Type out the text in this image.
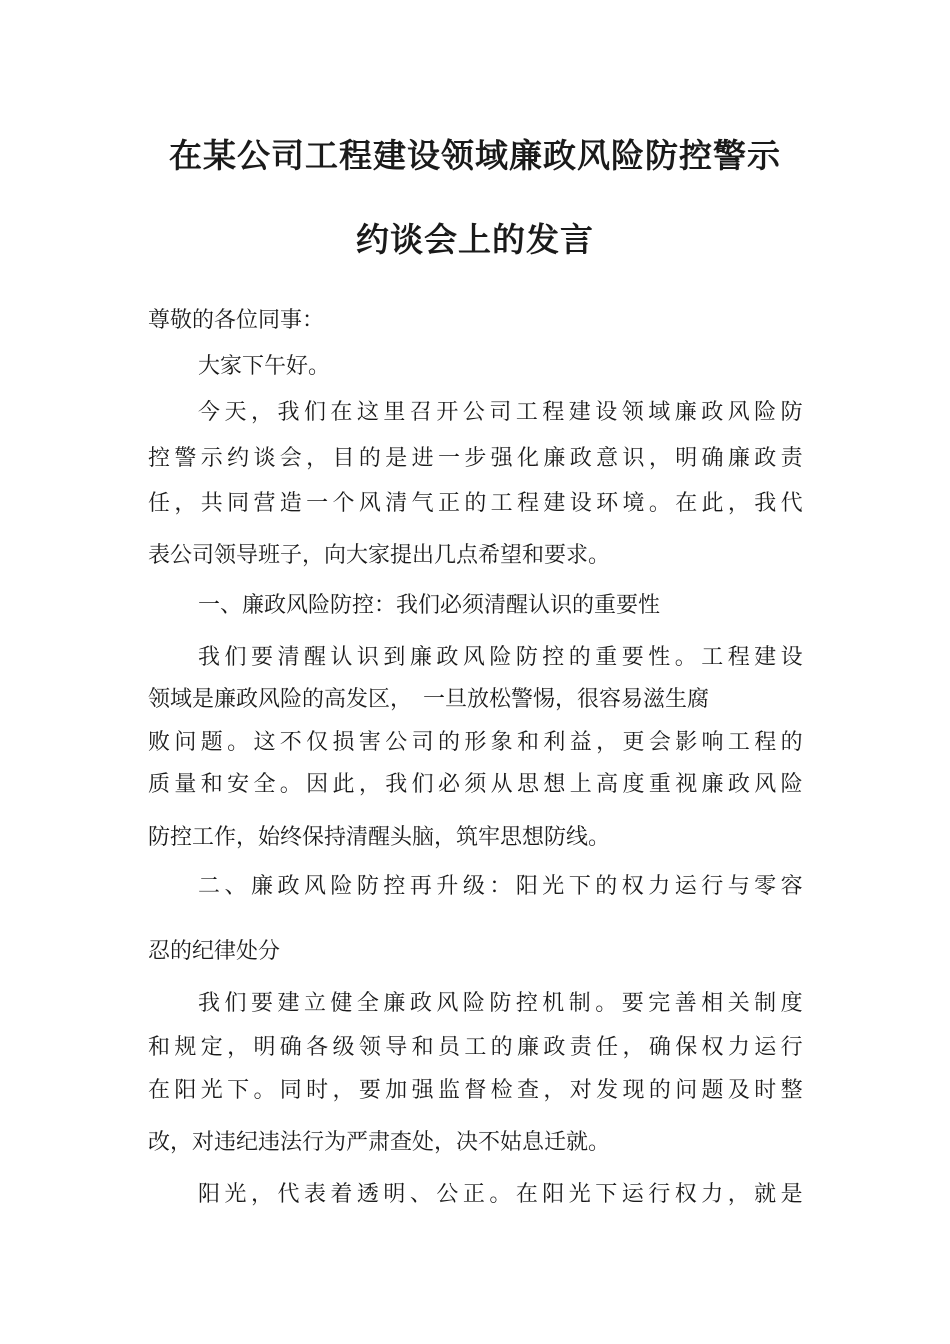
在某公司工程建设领域廉政风险防控警示
约谈会上的发言
尊敬的各位同事：
大家下午好。
今 天 ， 我 们 在 这 里 召 开 公 司 工 程 建 设 领 域 廉 政 风 险 防
控 警 示 约 谈 会 ， 目 的 是 进 一 步 强 化 廉 政 意 识 ， 明 确 廉 政 责
任 ， 共 同 营 造 一 个 风 清 气 正 的 工 程 建 设 环 境 。 在 此 ， 我 代
表公司领导班子，向大家提出几点希望和要求。
一、廉政风险防控：我们必须清醒认识的重要性
我 们 要 清 醒 认 识 到 廉 政 风 险 防 控 的 重 要 性 。 工 程 建 设
领域是廉政风险的高发区，　一旦放松警惕，很容易滋生腐
败 问 题 。 这 不 仅 损 害 公 司 的 形 象 和 利 益 ， 更 会 影 响 工 程 的
质 量 和 安 全 。 因 此 ， 我 们 必 须 从 思 想 上 高 度 重 视 廉 政 风 险
防控工作，始终保持清醒头脑，筑牢思想防线。
二 、 廉 政 风 险 防 控 再 升 级 ： 阳 光 下 的 权 力 运 行 与 零 容
忍的纪律处分
我 们 要 建 立 健 全 廉 政 风 险 防 控 机 制 。 要 完 善 相 关 制 度
和 规 定 ， 明 确 各 级 领 导 和 员 工 的 廉 政 责 任 ， 确 保 权 力 运 行
在 阳 光 下 。 同 时 ， 要 加 强 监 督 检 查 ， 对 发 现 的 问 题 及 时 整
改，对违纪违法行为严肃查处，决不姑息迁就。
阳 光 ， 代 表 着 透 明 、 公 正 。 在 阳 光 下 运 行 权 力 ， 就 是
